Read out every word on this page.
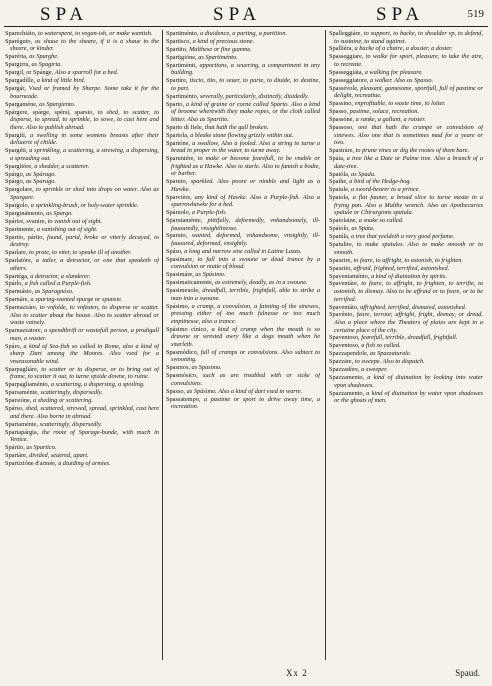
SPA	SPA	SPA	519
Sparechiáto, to waterspent, to vegan-ish, or make wantish.
Sparéguto, as shaue to the sheare, if it is a shaue to the sheare, or kinder.
Sparéria, as Sparghe.
Spargirra, as Spagiria.
Spargil, or Spánge, Also a sparroll for a bed.
Spargadílle, a kind of little bird.
Spargár, Vsed or framed by Sharpe. Some take it for the bourneade.
Spargaméne, as Spargiento.
Spárgere, spárge, spérsì, sparsio, to shed, to scatter, to disperse, to spread, to sprinkle, to sowe, to cast here and there. Also to publish abroad.
Spargíti, a swelling in some womens breasts after their deliuerie of childe.
Spargéti, a sprinkling, a scattering, a strewing, a dispersing, a spreading out.
Spargitóre, a shedder, a scatterer.
Spárgo, as Spárago.
Spárgo, as Sparago.
Spargolare, to sprinkle or shed into drops on water. Also as Spargare.
Spargolo, a sprinkling-brush, or holy-water sprinkle.
Sparginámento, as Spargo.
Spárire, svanire, to vanish out of sight.
Sparimente, a vanishing out of sight.
Spartio, pártio, found, partd, broke or vtterly decayed, to destroy.
Sparlare, to prate, to vtter, to speake ill of another.
Sparlatóre, a tatler, a detractor, or one that speaketh of others.
Spartéga, a detractor, a slanderer.
Spárlo, a fish called a Purple-fish.
Sparmásio, as Sparagnóso.
Sparnáre, a sparing-wanted spurge or spunsie.
Sparnazzáre, to vnfolde, to vnfasten, to disperse or scatter. Also to scatter about the house. Also to scatter abroad or waste vainely.
Sparnazzatore, a spendthrift or wastefull person, a prodigall man, a waster.
Spáro, a kind of Sea-fish so called in Rome, also a kind of sharp Dart among the Moores. Also vsed for a vnseasonable wind.
Sparpagliáre, to scatter or to disperse, or to bring out of frame, to scatter it out, to turne vpside downe, to ruine.
Sparpagliaménto, a scattering, a dispersing, a spoiling.
Sparsaménte, scatteringly, dispersedly.
Sparsióne, a sheding or scattering.
Spárso, shed, scattered, strewed, spread, sprinkled, cast here and there. Also borne in abroad.
Spartaménte, scatteringly, dispersedly.
Spartapárgia, the roote of Sparage-bunde, with much in Venice.
Spártio, as Spartico.
Spartáre, divided, seuered, apart.
Spartizióne d'armée, a diuiding of armies.
Spartiménto, a diuidence, a parting, a partition.
Spartisco, a kind of precious stone.
Spartito, Malthese or fine gumme.
Spartigióne, as Spartiménto.
Spartiménti, apportions, a seuering, a compartment in any building.
Spartire, tiscio, tito, to seuer, to parte, to diuide, to destine, to part.
Spartiménto, severally, particularly, distinctly, diuidedly.
Sparto, a kind of graine or corne called Sparto. Also a kind of broome wherewith they make ropes, or the cloth called bitter. Also as Spartito.
Sparto di fiele, that hath the gall broken.
Spartola, a bleake stone flowing grizzly within out.
Spartóne, a swallow, Also a fooled. Also a string to turne a bread in proper in the water, to turne away.
Sparuniére, to make or become fearefull, to be vnable or frighted as a Hawke. Also to starle. Also to famish a bodie, or barber.
Sparuto, sparkled. Also poore or nimble and light as a Hawke.
Sparvière, any kind of Hawke. Also a Purple-fish. Also a sparrowhawke for a bed.
Spáruolo, a Purple-fish.
Sparutaménte, pittifully, deformedly, vnhandsomely, ill-fauouredly, vnsightlinesse.
Sparuto, wanted, deformed, vnhandsome, vnsightly, ill-fauoured, deformed, vnsightly.
Spáso, a long and narrow sine called in Latine Lazzo.
Spasimare, to fall into a swoune or dead trance by a convulsion or mutte of blood.
Spasimáre, as Spásimo.
Spasimaticamente, as extremely, deadly, as in a swoune.
Spasimeuole, dreadfull, terrible, frightfull, able to strike a man into a swoune.
Spásimo, a cramp, a convulsion, a fainting of the sinewes, pressing either of too much fulnesse or too much emptinesse, also a trance.
Spásimo cínico, a kind of cramp when the mouth is so drawne or wrested awry like a dogs mouth when he snarleth.
Spasmódico, full of cramps or convulsions. Also subiect to swooning.
Spasmos, as Spasimo.
Spasmósico, such as are troubled with or sicke of convulsions.
Spasso, as Spásimo. Also a kind of dart vsed in warre.
Spassatempo, a pastime or sport to drive away time, a recreation.
Spalleggiáre, to support, to backe, to shoulder vp, to defend, to sustaine, to stand against.
Spalliéra, a backe of a chaire, a dossier, a doster.
Spasseggiare, to walke for sport, pleasure, to take the aire, to recreate.
Spasseggiáta, a walking for pleasure.
Spasseggiatore, a walker. Also as Spasso.
Spassévole, pleasant, gamesome, sportfull, full of pastime or delight, recreatiue.
Spassino, vnprofitable, to waste time, to loiter.
Spasso, pastime, solace, recreation.
Spassóne, a ranke, a gallant, a roister.
Spassoso, one that hath the crampe or convulsion of sinewes. Also one that is sometimes mad for a yeare or two.
Spastráre, to prune vines or dig the rootes of them bare.
Spáta, a tree like a Date or Palme tree. Also a branch of a date-tree.
Spatóla, as Spada.
Spathe, a bird of the Hedge-hog.
Spatule, a sword-bearer to a prince.
Spatola, a flat fauner, a broad slice to turne meate in a frying pan. Also a Malthe wrench. Also an Apothecaries spatule or Chirurgions spatula.
Spatolaine, a snake so called.
Spátolo, as Spáta.
Spatúla, a tree that yeeldeth a very good perfume.
Spatulire, to make spatules. Also to make smooth or to smooth.
Spaurire, to feare, to affright, to astonish, to frighten.
Spaurito, affraid, frighted, terrified, astonished.
Spaventaménto, a kind of diuination by spirits.
Spaventáre, to feare, to affright, to frighten, to terrifie, to astonish, to dismay. Also to be affraid or to feare, or to be terrified.
Spaventáto, affrighted, terrified, dismaied, astonished.
Spavénto, feare, terrour, affright, fright, dismay, or dread. Also a place where the Theaters of plaies are kept in a certaine place of the city.
Spaventoso, fearefull, terrible, dreadfull, frightfull.
Spaventoso, a fish so called.
Spazzapendole, as Spazzaturale.
Spazzáre, to sweepe. Also to dispatch.
Spazzadóre, a sweeper.
Spazzamento, a kind of diuination by looking into water vpon shadowes.
Spazzamento, a kind of diuination by water vpon shadowes or the ghosts of men.
Xx 2	Spaud.
